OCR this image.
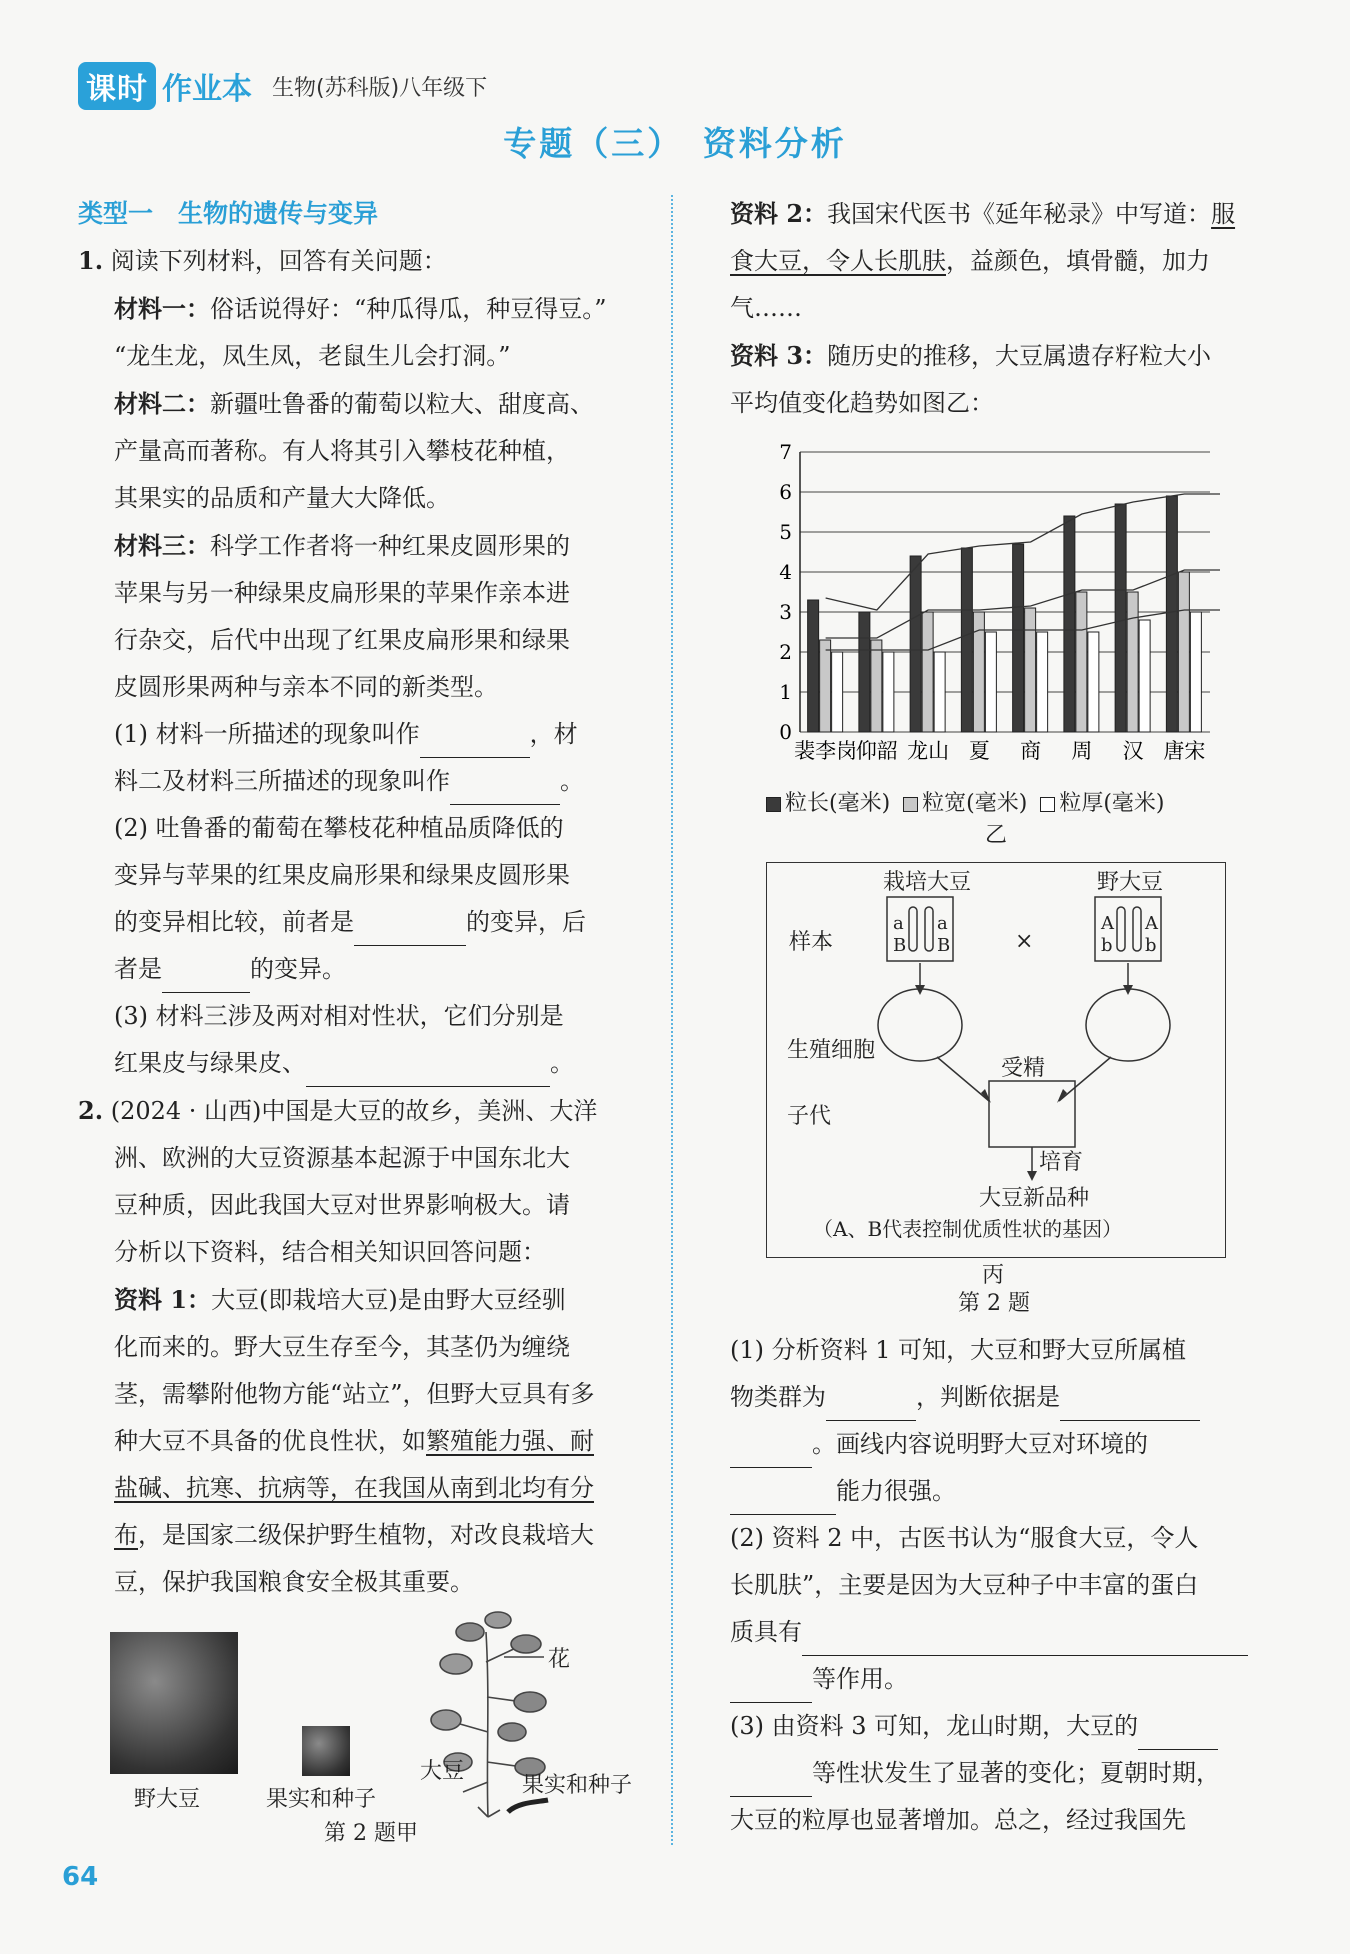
课时 作业本 生物(苏科版)八年级下
专题（三）　资料分析

类型一　生物的遗传与变异

1. 阅读下列材料，回答有关问题：

材料一：俗话说得好：“种瓜得瓜，种豆得豆。”

“龙生龙，凤生凤，老鼠生儿会打洞。”

材料二：新疆吐鲁番的葡萄以粒大、甜度高、

产量高而著称。有人将其引入攀枝花种植，

其果实的品质和产量大大降低。

材料三：科学工作者将一种红果皮圆形果的

苹果与另一种绿果皮扁形果的苹果作亲本进

行杂交，后代中出现了红果皮扁形果和绿果

皮圆形果两种与亲本不同的新类型。

(1) 材料一所描述的现象叫作	，材

料二及材料三所描述的现象叫作	。

(2) 吐鲁番的葡萄在攀枝花种植品质降低的

变异与苹果的红果皮扁形果和绿果皮圆形果

的变异相比较，前者是	的变异，后

者是	的变异。

(3) 材料三涉及两对相对性状，它们分别是

红果皮与绿果皮、	。

2. (2024 · 山西)中国是大豆的故乡，美洲、大洋

洲、欧洲的大豆资源基本起源于中国东北大

豆种质，因此我国大豆对世界影响极大。请

分析以下资料，结合相关知识回答问题：

资料 1：大豆(即栽培大豆)是由野大豆经驯

化而来的。野大豆生存至今，其茎仍为缠绕

茎，需攀附他物方能“站立”，但野大豆具有多

种大豆不具备的优良性状，如繁殖能力强、耐

盐碱、抗寒、抗病等，在我国从南到北均有分

布，是国家二级保护野生植物，对改良栽培大

豆，保护我国粮食安全极其重要。

野大豆	果实和种子
花
大豆
果实和种子
第 2 题甲

资料 2：我国宋代医书《延年秘录》中写道：服

食大豆，令人长肌肤，益颜色，填骨髓，加力

气……

资料 3：随历史的推移，大豆属遗存籽粒大小

平均值变化趋势如图乙：

0
1
2
3
4
5
6
7
裴李岗
仰韶 龙山 夏 商 周 汉 唐宋
粒长(毫米) 粒宽(毫米) 粒厚(毫米)
乙
栽培大豆	野大豆
样本	×
a a
B B
A A
b b
生殖细胞
受精
子代
培育
大豆新品种
（A、B代表控制优质性状的基因）
丙
第 2 题

(1) 分析资料 1 可知，大豆和野大豆所属植

物类群为	，判断依据是

。画线内容说明野大豆对环境的

能力很强。

(2) 资料 2 中，古医书认为“服食大豆，令人

长肌肤”，主要是因为大豆种子中丰富的蛋白

质具有

等作用。

(3) 由资料 3 可知，龙山时期，大豆的

等性状发生了显著的变化；夏朝时期，

大豆的粒厚也显著增加。总之，经过我国先

64
